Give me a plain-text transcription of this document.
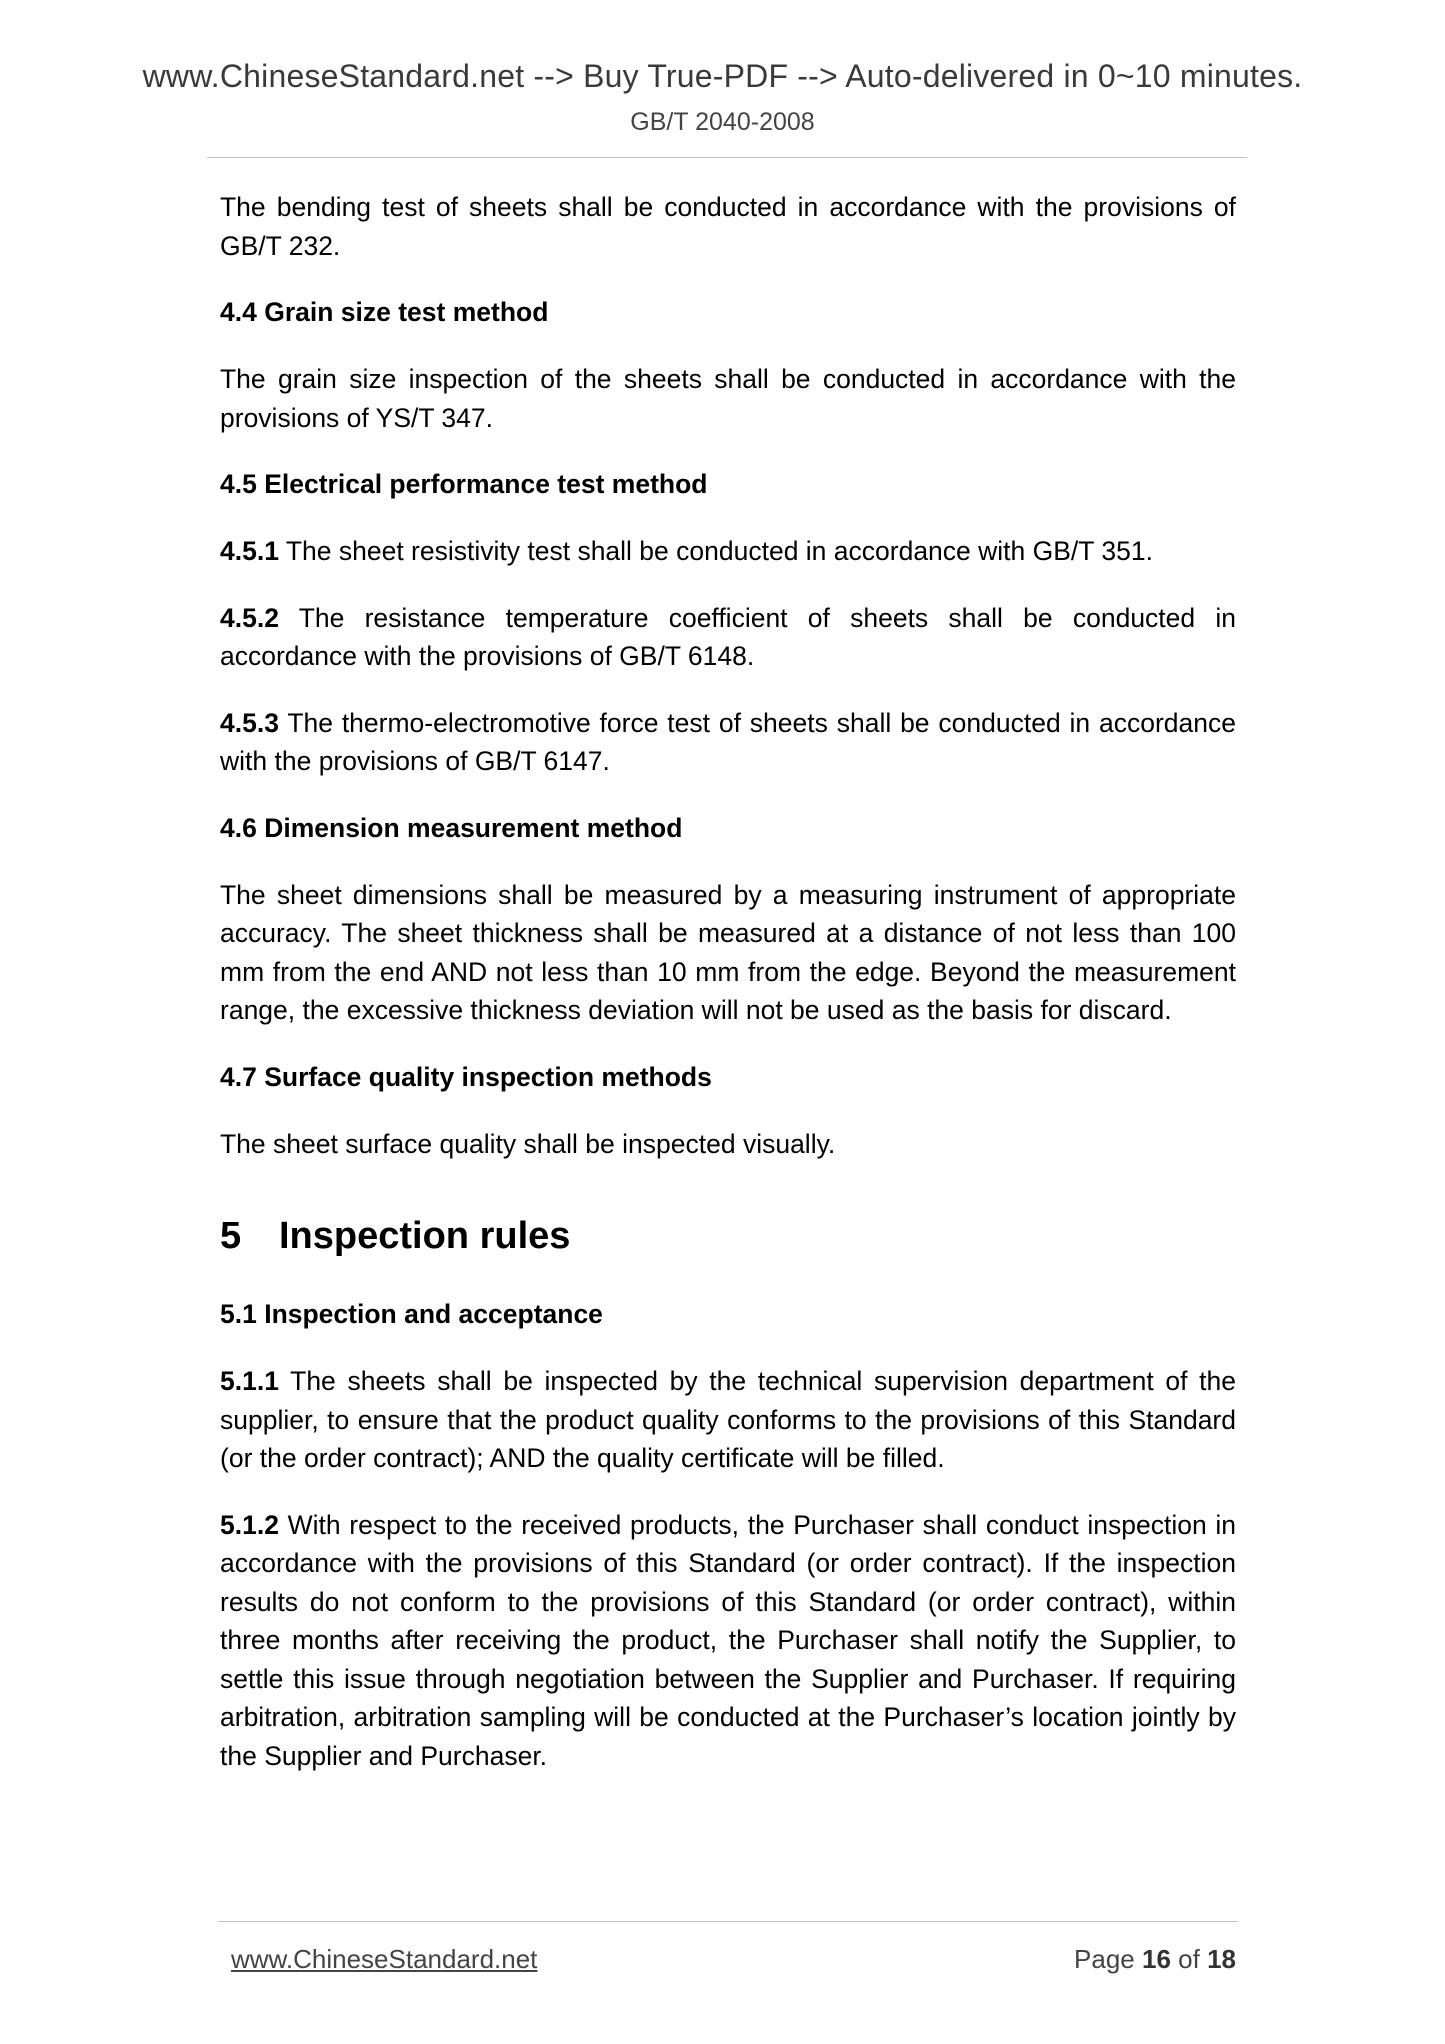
www.ChineseStandard.net --> Buy True-PDF --> Auto-delivered in 0~10 minutes.
GB/T 2040-2008

The bending test of sheets shall be conducted in accordance with the provisions of GB/T 232.

4.4 Grain size test method

The grain size inspection of the sheets shall be conducted in accordance with the provisions of YS/T 347.

4.5 Electrical performance test method

4.5.1 The sheet resistivity test shall be conducted in accordance with GB/T 351.

4.5.2 The resistance temperature coefficient of sheets shall be conducted in accordance with the provisions of GB/T 6148.

4.5.3 The thermo-electromotive force test of sheets shall be conducted in accordance with the provisions of GB/T 6147.

4.6 Dimension measurement method

The sheet dimensions shall be measured by a measuring instrument of appropriate accuracy. The sheet thickness shall be measured at a distance of not less than 100 mm from the end AND not less than 10 mm from the edge. Beyond the measurement range, the excessive thickness deviation will not be used as the basis for discard.

4.7 Surface quality inspection methods

The sheet surface quality shall be inspected visually.

5 Inspection rules
5.1 Inspection and acceptance

5.1.1 The sheets shall be inspected by the technical supervision department of the supplier, to ensure that the product quality conforms to the provisions of this Standard (or the order contract); AND the quality certificate will be filled.

5.1.2 With respect to the received products, the Purchaser shall conduct inspection in accordance with the provisions of this Standard (or order contract). If the inspection results do not conform to the provisions of this Standard (or order contract), within three months after receiving the product, the Purchaser shall notify the Supplier, to settle this issue through negotiation between the Supplier and Purchaser. If requiring arbitration, arbitration sampling will be conducted at the Purchaser’s location jointly by the Supplier and Purchaser.

www.ChineseStandard.net	Page 16 of 18
